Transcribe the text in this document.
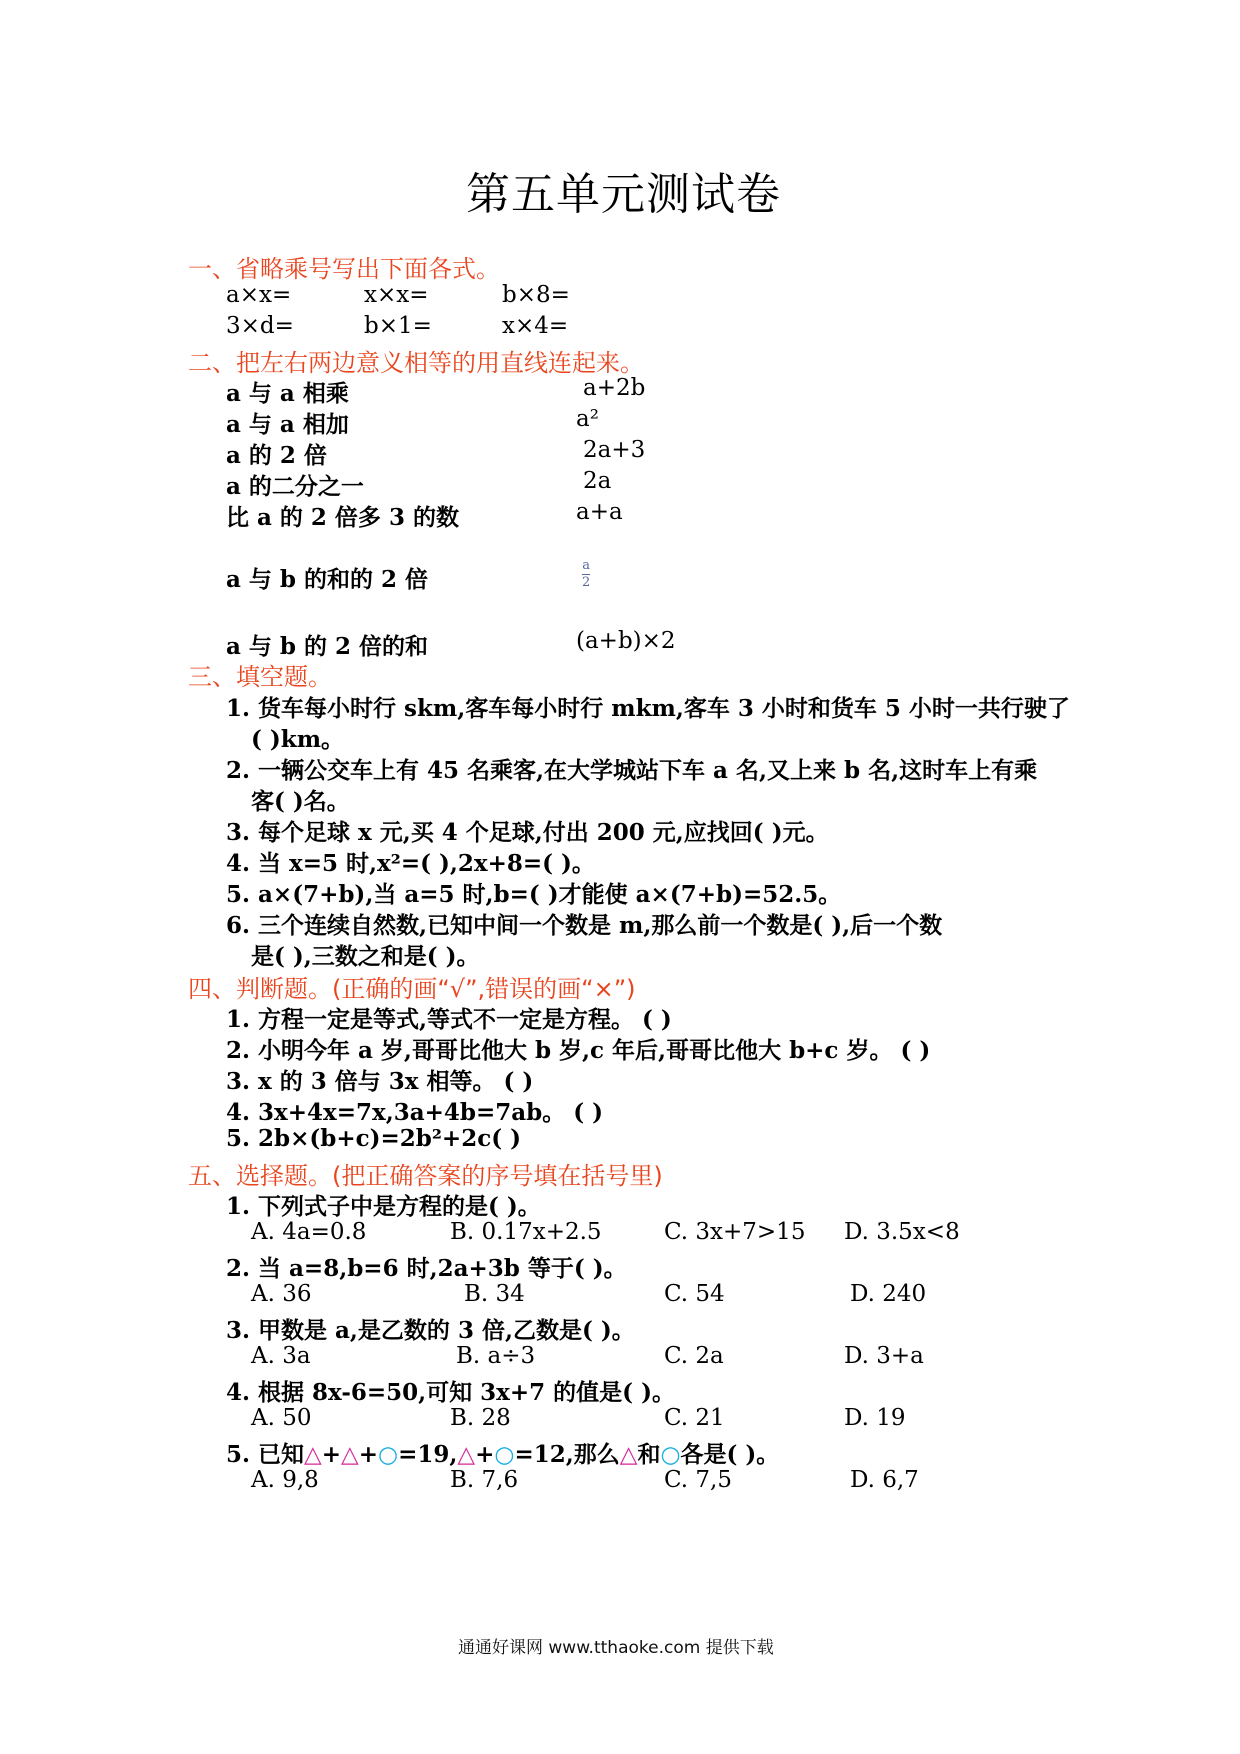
第五单元测试卷
一、省略乘号写出下面各式。
a×x=	x×x=	b×8=
3×d=	b×1=	x×4=
二、把左右两边意义相等的用直线连起来。
a 与 a 相乘
a 与 a 相加
a 的 2 倍
a 的二分之一
比 a 的 2 倍多 3 的数
a 与 b 的和的 2 倍
a 与 b 的 2 倍的和
a+2b
a²
2a+3
2a
a+a
$\frac{a}{2}$
(a+b)×2
三、填空题。
1. 货车每小时行 skm,客车每小时行 mkm,客车 3 小时和货车 5 小时一共行驶了
( )km。
2. 一辆公交车上有 45 名乘客,在大学城站下车 a 名,又上来 b 名,这时车上有乘
客( )名。
3. 每个足球 x 元,买 4 个足球,付出 200 元,应找回( )元。
4. 当 x=5 时,x²=( ),2x+8=( )。
5. a×(7+b),当 a=5 时,b=( )才能使 a×(7+b)=52.5。
6. 三个连续自然数,已知中间一个数是 m,那么前一个数是( ),后一个数
是( ),三数之和是( )。
四、判断题。(正确的画“√”,错误的画“×”)
1. 方程一定是等式,等式不一定是方程。 ( )
2. 小明今年 a 岁,哥哥比他大 b 岁,c 年后,哥哥比他大 b+c 岁。 ( )
3. x 的 3 倍与 3x 相等。 ( )
4. 3x+4x=7x,3a+4b=7ab。 ( )
5. 2b×(b+c)=2b²+2c( )
五、选择题。(把正确答案的序号填在括号里)
1. 下列式子中是方程的是( )。
A. 4a=0.8	B. 0.17x+2.5	C. 3x+7>15 D. 3.5x<8
2. 当 a=8,b=6 时,2a+3b 等于( )。
A. 36	B. 34	C. 54	D. 240
3. 甲数是 a,是乙数的 3 倍,乙数是( )。
A. 3a	B. a÷3	C. 2a	D. 3+a
4. 根据 8x-6=50,可知 3x+7 的值是( )。
A. 50	B. 28	C. 21	D. 19
5. 已知△+△+○=19,△+○=12,那么△和○各是( )。
A. 9,8	B. 7,6	C. 7,5	D. 6,7
通通好课网 www.tthaoke.com 提供下载
